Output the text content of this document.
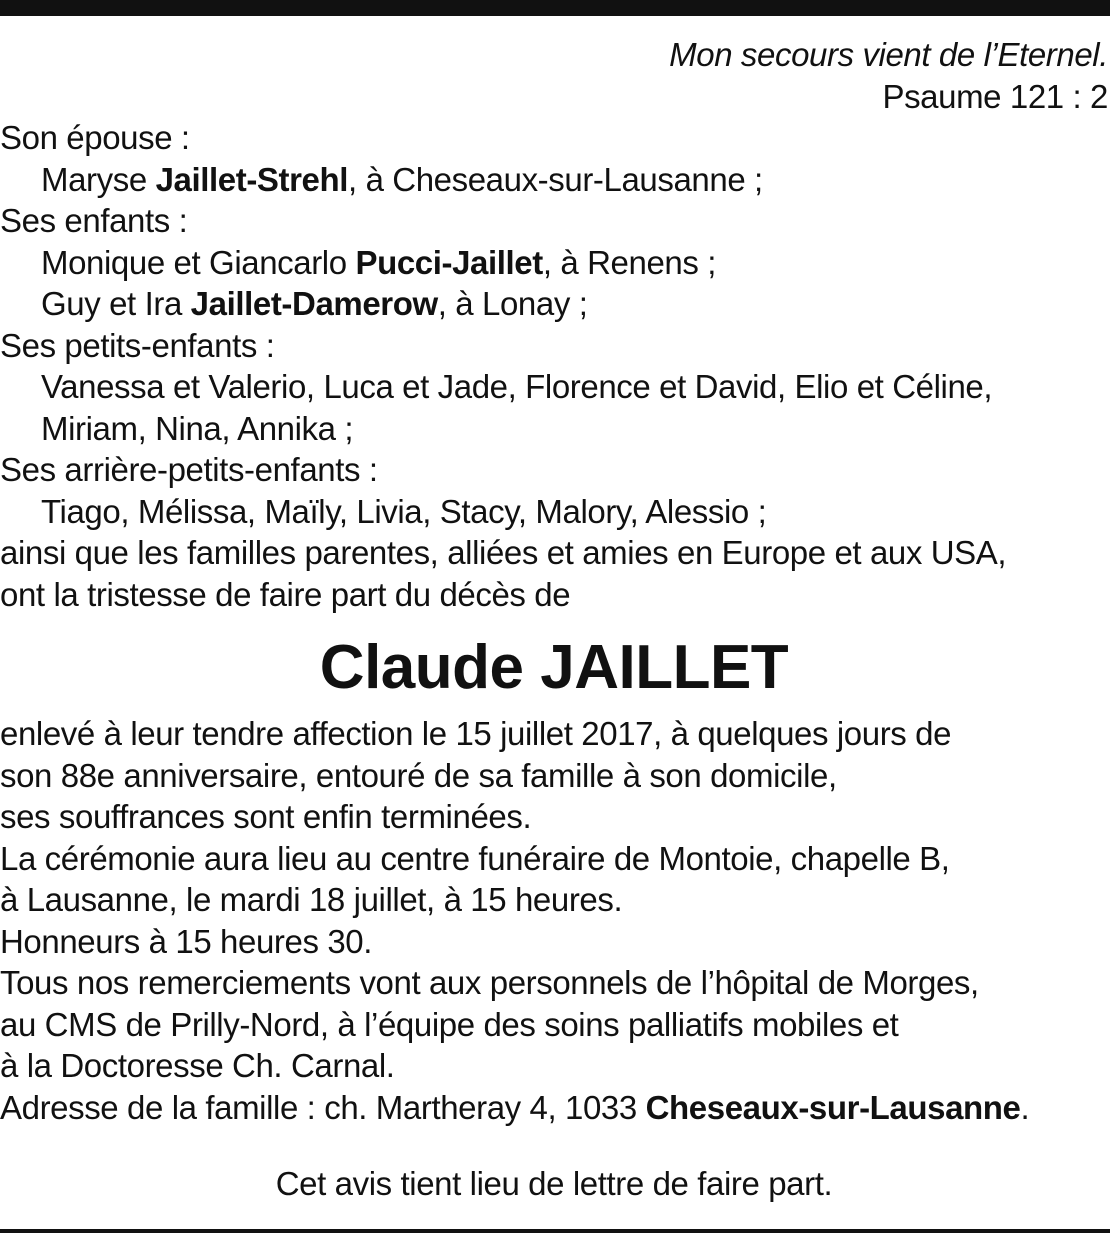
Mon secours vient de l’Eternel.
Psaume 121 : 2
Son épouse :
Maryse Jaillet-Strehl, à Cheseaux-sur-Lausanne ;
Ses enfants :
Monique et Giancarlo Pucci-Jaillet, à Renens ;
Guy et Ira Jaillet-Damerow, à Lonay ;
Ses petits-enfants :
Vanessa et Valerio, Luca et Jade, Florence et David, Elio et Céline,
Miriam, Nina, Annika ;
Ses arrière-petits-enfants :
Tiago, Mélissa, Maïly, Livia, Stacy, Malory, Alessio ;
ainsi que les familles parentes, alliées et amies en Europe et aux USA,
ont la tristesse de faire part du décès de
Claude JAILLET
enlevé à leur tendre affection le 15 juillet 2017, à quelques jours de
son 88e anniversaire, entouré de sa famille à son domicile,
ses souffrances sont enfin terminées.
La cérémonie aura lieu au centre funéraire de Montoie, chapelle B,
à Lausanne, le mardi 18 juillet, à 15 heures.
Honneurs à 15 heures 30.
Tous nos remerciements vont aux personnels de l’hôpital de Morges,
au CMS de Prilly-Nord, à l’équipe des soins palliatifs mobiles et
à la Doctoresse Ch. Carnal.
Adresse de la famille : ch. Martheray 4, 1033 Cheseaux-sur-Lausanne.
Cet avis tient lieu de lettre de faire part.
